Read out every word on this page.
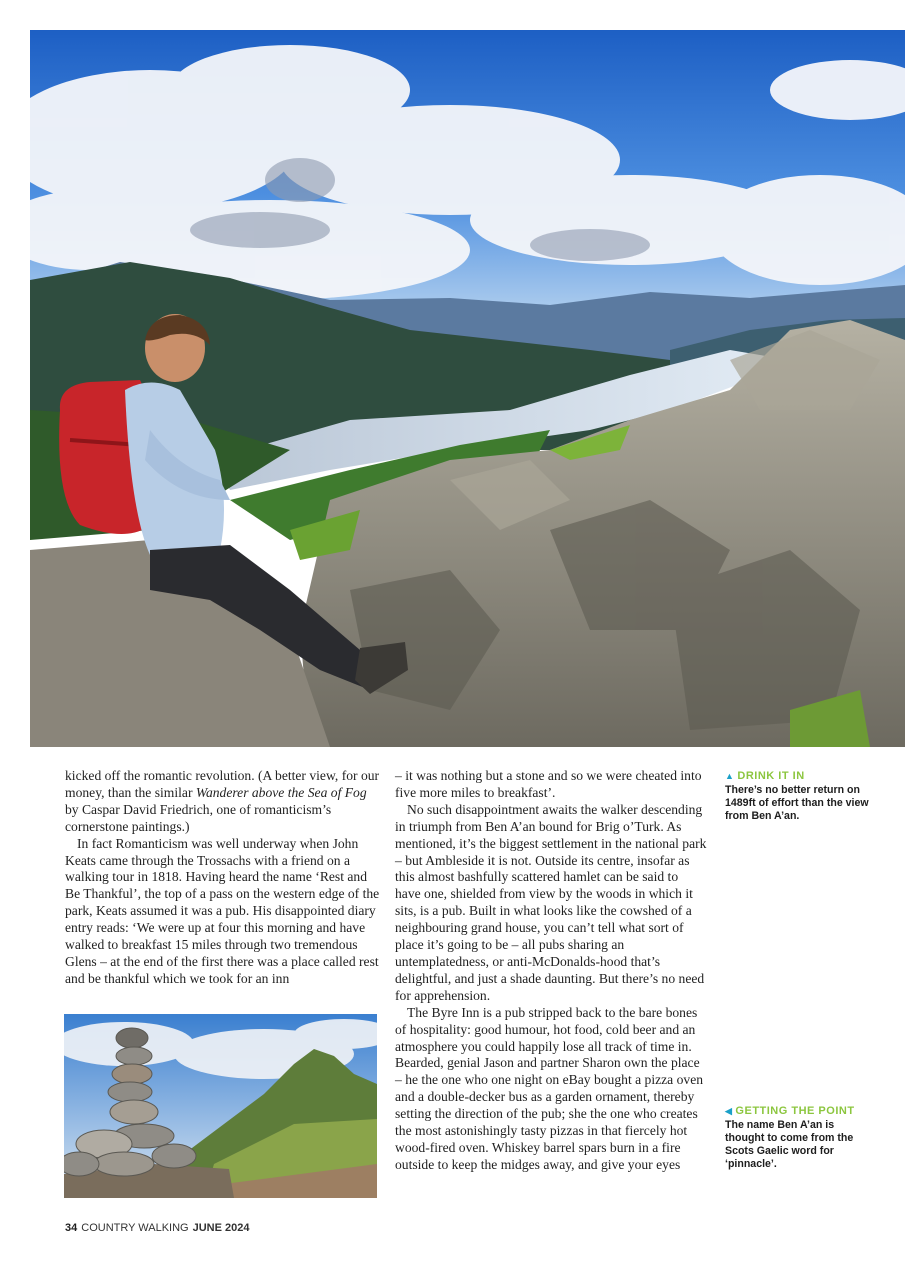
kicked off the romantic revolution. (A better view, for our money, than the similar Wanderer above the Sea of Fog by Caspar David Friedrich, one of romanticism’s cornerstone paintings.)

In fact Romanticism was well underway when John Keats came through the Trossachs with a friend on a walking tour in 1818. Having heard the name ‘Rest and Be Thankful’, the top of a pass on the western edge of the park, Keats assumed it was a pub. His disappointed diary entry reads: ‘We were up at four this morning and have walked to breakfast 15 miles through two tremendous Glens – at the end of the first there was a place called rest and be thankful which we took for an inn

– it was nothing but a stone and so we were cheated into five more miles to breakfast’.

No such disappointment awaits the walker descending in triumph from Ben A’an bound for Brig o’Turk. As mentioned, it’s the biggest settlement in the national park – but Ambleside it is not. Outside its centre, insofar as this almost bashfully scattered hamlet can be said to have one, shielded from view by the woods in which it sits, is a pub. Built in what looks like the cowshed of a neighbouring grand house, you can’t tell what sort of place it’s going to be – all pubs sharing an untemplatedness, or anti-McDonalds-hood that’s delightful, and just a shade daunting. But there’s no need for apprehension.

The Byre Inn is a pub stripped back to the bare bones of hospitality: good humour, hot food, cold beer and an atmosphere you could happily lose all track of time in. Bearded, genial Jason and partner Sharon own the place – he the one who one night on eBay bought a pizza oven and a double-decker bus as a garden ornament, thereby setting the direction of the pub; she the one who creates the most astonishingly tasty pizzas in that fiercely hot wood-fired oven. Whiskey barrel spars burn in a fire outside to keep the midges away, and give your eyes

▲ DRINK IT IN
There’s no better return on 1489ft of effort than the view from Ben A’an.
◀ GETTING THE POINT
The name Ben A’an is thought to come from the Scots Gaelic word for ‘pinnacle’.
34 COUNTRY WALKING JUNE 2024
